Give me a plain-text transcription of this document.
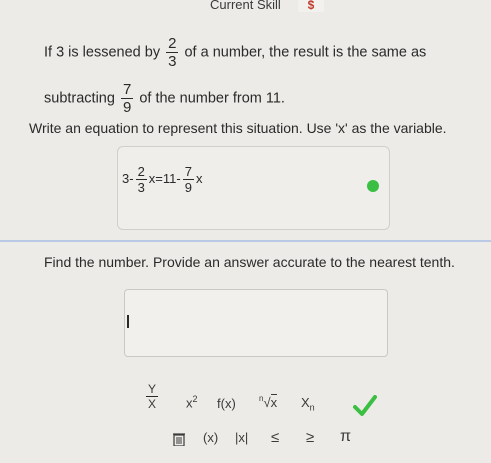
Current Skill	$
If 3 is lessened by $\frac{2}{3}$ of a number, the result is the same as
subtracting $\frac{7}{9}$ of the number from 11.
Write an equation to represent this situation. Use 'x' as the variable.
$3- \frac{2}{3} x=11- \frac{7}{9}$ x
Find the number. Provide an answer accurate to the nearest tenth.
$\frac{Y}{X} x^2$ f(x)	$^n$√x $X_n$
(x) |x| ≤ ≥ π
